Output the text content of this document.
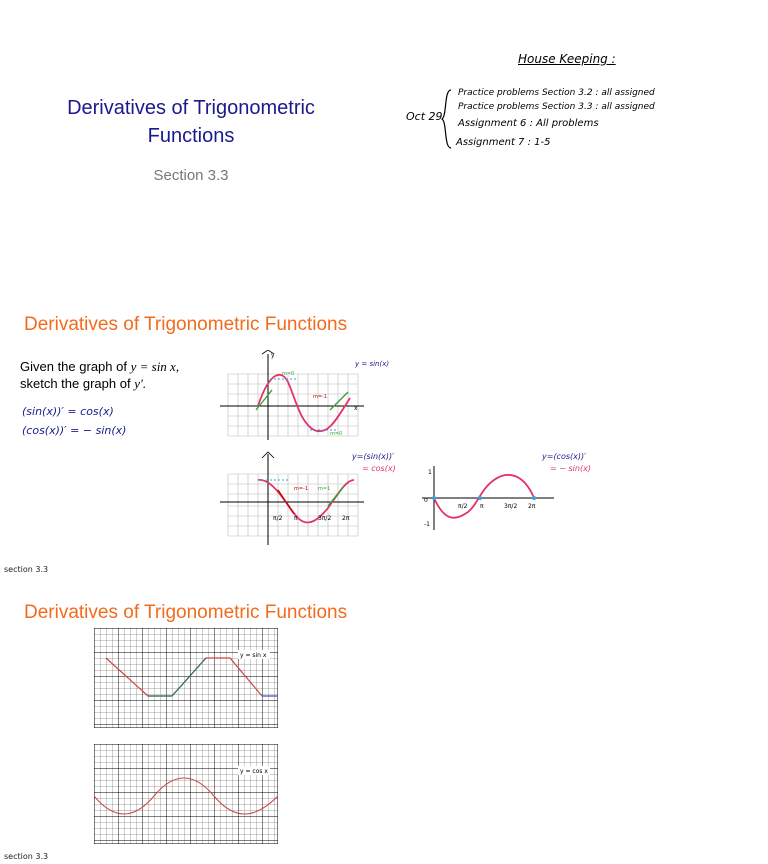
Derivatives of Trigonometric Functions
Section 3.3
House Keeping :
Oct 29
Practice problems Section 3.2 : all assigned
Practice problems Section 3.3 : all assigned
Assignment 6 : All problems
Assignment 7 : 1-5
Derivatives of Trigonometric Functions
Given the graph of y = sin x,
sketch the graph of y′.
(sin(x))′ = cos(x)
(cos(x))′ = − sin(x)
x
y
m=0
m=-1
m=0
y = sin(x)
m=-1 m=1
π/2 π	3π/2 2π
y=(sin(x))′
= cos(x)	1
-1
0
π/2 π	3π/2 2π
y=(cos(x))′
= − sin(x)
section 3.3
Derivatives of Trigonometric Functions
y = sin x
y = cos x
section 3.3
